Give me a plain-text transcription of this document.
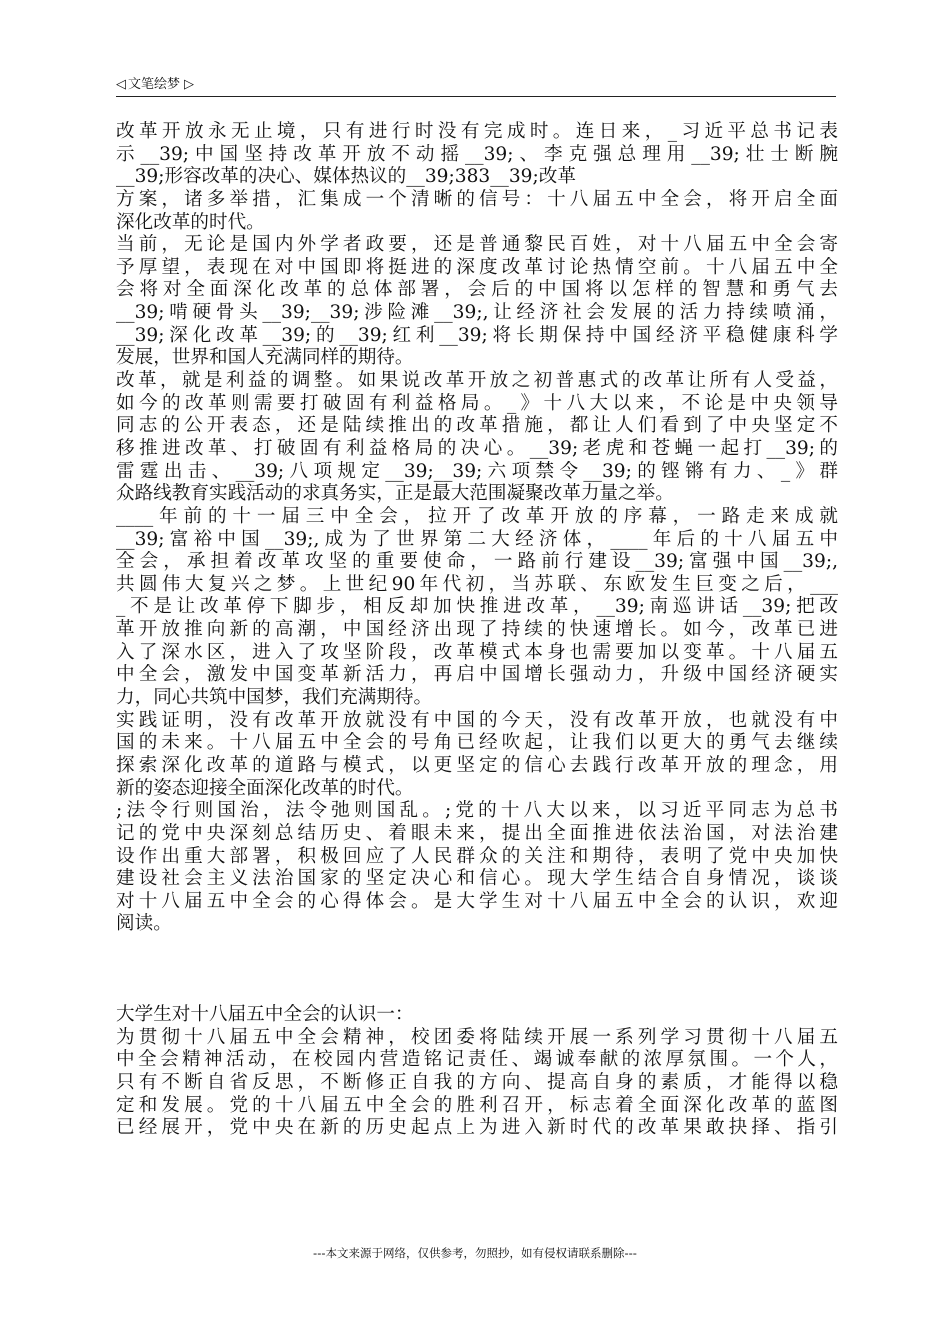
◁ 文笔绘梦 ▷
改革开放永无止境，只有进行时没有完成时。连日来，_习近平总书记表
示__39;中国坚持改革开放不动摇__39;、李克强总理用__39;壮士断腕
__39;形容改革的决心、媒体热议的__39;383__39;改革
方案，诸多举措，汇集成一个清晰的信号：十八届五中全会，将开启全面
深化改革的时代。
当前，无论是国内外学者政要，还是普通黎民百姓，对十八届五中全会寄
予厚望，表现在对中国即将挺进的深度改革讨论热情空前。十八届五中全
会将对全面深化改革的总体部署，会后的中国将以怎样的智慧和勇气去
__39;啃硬骨头__39;__39;涉险滩__39;,让经济社会发展的活力持续喷涌，
__39;深化改革__39;的__39;红利__39;将长期保持中国经济平稳健康科学
发展，世界和国人充满同样的期待。
改革，就是利益的调整。如果说改革开放之初普惠式的改革让所有人受益，
如今的改革则需要打破固有利益格局。_》十八大以来，不论是中央领导
同志的公开表态，还是陆续推出的改革措施，都让人们看到了中央坚定不
移推进改革、打破固有利益格局的决心。__39;老虎和苍蝇一起打__39;的
雷霆出击、__39;八项规定__39;__39;六项禁令__39;的铿锵有力、_》群
众路线教育实践活动的求真务实，正是最大范围凝聚改革力量之举。
____年前的十一届三中全会，拉开了改革开放的序幕，一路走来成就
__39;富裕中国__39;,成为了世界第二大经济体，____年后的十八届五中
全会，承担着改革攻坚的重要使命，一路前行建设__39;富强中国__39;,
共圆伟大复兴之梦。上世纪90年代初，当苏联、东欧发生巨变之后，___
_不是让改革停下脚步，相反却加快推进改革，__39;南巡讲话__39;把改
革开放推向新的高潮，中国经济出现了持续的快速增长。如今，改革已进
入了深水区，进入了攻坚阶段，改革模式本身也需要加以变革。十八届五
中全会，激发中国变革新活力，再启中国增长强动力，升级中国经济硬实
力，同心共筑中国梦，我们充满期待。
实践证明，没有改革开放就没有中国的今天，没有改革开放，也就没有中
国的未来。十八届五中全会的号角已经吹起，让我们以更大的勇气去继续
探索深化改革的道路与模式，以更坚定的信心去践行改革开放的理念，用
新的姿态迎接全面深化改革的时代。
;法令行则国治，法令弛则国乱。;党的十八大以来，以习近平同志为总书
记的党中央深刻总结历史、着眼未来，提出全面推进依法治国，对法治建
设作出重大部署，积极回应了人民群众的关注和期待，表明了党中央加快
建设社会主义法治国家的坚定决心和信心。现大学生结合自身情况，谈谈
对十八届五中全会的心得体会。是大学生对十八届五中全会的认识，欢迎
阅读。
大学生对十八届五中全会的认识一：
为贯彻十八届五中全会精神，校团委将陆续开展一系列学习贯彻十八届五
中全会精神活动，在校园内营造铭记责任、竭诚奉献的浓厚氛围。一个人，
只有不断自省反思，不断修正自我的方向、提高自身的素质，才能得以稳
定和发展。党的十八届五中全会的胜利召开，标志着全面深化改革的蓝图
已经展开，党中央在新的历史起点上为进入新时代的改革果敢抉择、指引
---本文来源于网络，仅供参考，勿照抄，如有侵权请联系删除---
